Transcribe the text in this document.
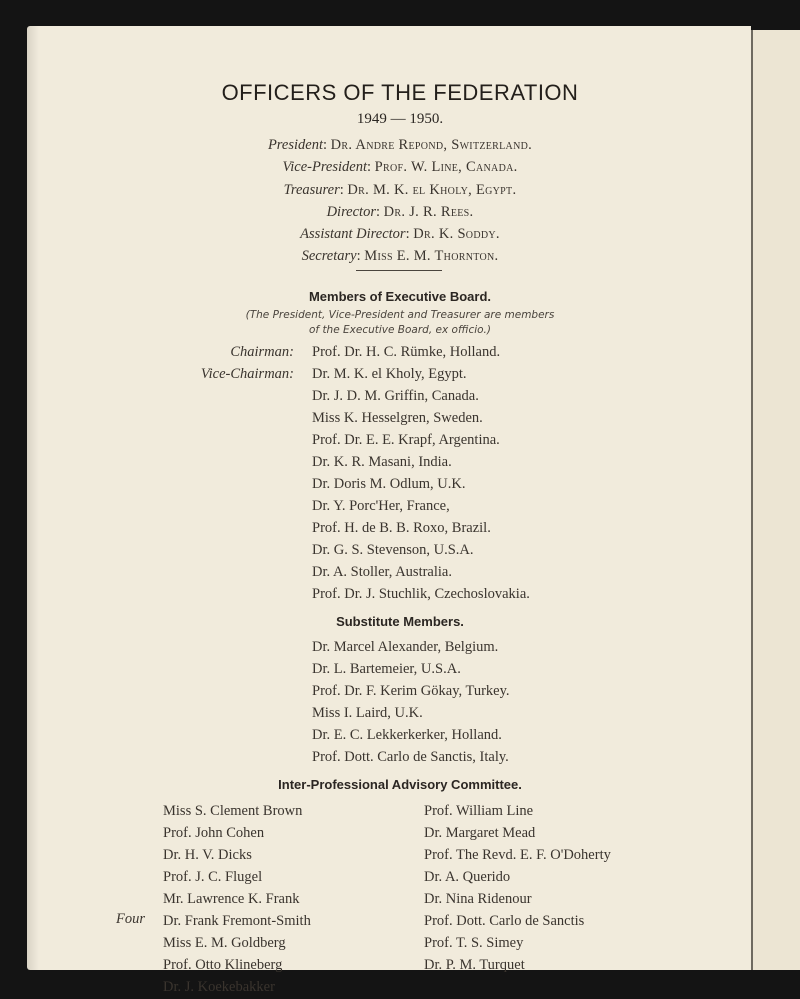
OFFICERS OF THE FEDERATION
1949 — 1950.
President: Dr. Andre Repond, Switzerland.
Vice-President: Prof. W. Line, Canada.
Treasurer: Dr. M. K. el Kholy, Egypt.
Director: Dr. J. R. Rees.
Assistant Director: Dr. K. Soddy.
Secretary: Miss E. M. Thornton.
Members of Executive Board.
(The President, Vice-President and Treasurer are members
of the Executive Board, ex officio.)
Chairman:
Vice-Chairman:
Prof. Dr. H. C. Rümke, Holland.
Dr. M. K. el Kholy, Egypt.
Dr. J. D. M. Griffin, Canada.
Miss K. Hesselgren, Sweden.
Prof. Dr. E. E. Krapf, Argentina.
Dr. K. R. Masani, India.
Dr. Doris M. Odlum, U.K.
Dr. Y. Porc'Her, France,
Prof. H. de B. B. Roxo, Brazil.
Dr. G. S. Stevenson, U.S.A.
Dr. A. Stoller, Australia.
Prof. Dr. J. Stuchlik, Czechoslovakia.
Substitute Members.
Dr. Marcel Alexander, Belgium.
Dr. L. Bartemeier, U.S.A.
Prof. Dr. F. Kerim Gökay, Turkey.
Miss I. Laird, U.K.
Dr. E. C. Lekkerkerker, Holland.
Prof. Dott. Carlo de Sanctis, Italy.
Inter-Professional Advisory Committee.
Miss S. Clement Brown
Prof. John Cohen
Dr. H. V. Dicks
Prof. J. C. Flugel
Mr. Lawrence K. Frank
Dr. Frank Fremont-Smith
Miss E. M. Goldberg
Prof. Otto Klineberg
Dr. J. Koekebakker
Prof. William Line
Dr. Margaret Mead
Prof. The Revd. E. F. O'Doherty
Dr. A. Querido
Dr. Nina Ridenour
Prof. Dott. Carlo de Sanctis
Prof. T. S. Simey
Dr. P. M. Turquet
Four
